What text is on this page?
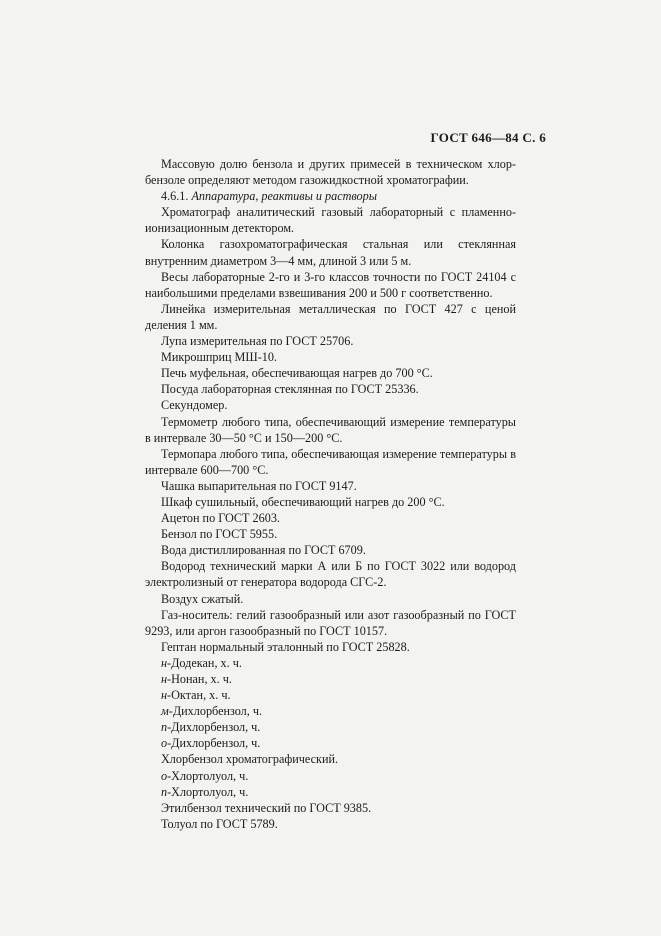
ГОСТ 646—84 С. 6

Массовую долю бензола и других примесей в техническом хлор-бензоле определяют методом газожидкостной хроматографии.

4.6.1. Аппаратура, реактивы и растворы

Хроматограф аналитический газовый лабораторный с пламенно-ионизационным детектором.

Колонка газохроматографическая стальная или стеклянная внутренним диаметром 3—4 мм, длиной 3 или 5 м.

Весы лабораторные 2-го и 3-го классов точности по ГОСТ 24104 с наибольшими пределами взвешивания 200 и 500 г соответственно.

Линейка измерительная металлическая по ГОСТ 427 с ценой деления 1 мм.

Лупа измерительная по ГОСТ 25706.

Микрошприц МШ-10.

Печь муфельная, обеспечивающая нагрев до 700 °С.

Посуда лабораторная стеклянная по ГОСТ 25336.

Секундомер.

Термометр любого типа, обеспечивающий измерение температуры в интервале 30—50 °С и 150—200 °С.

Термопара любого типа, обеспечивающая измерение температуры в интервале 600—700 °С.

Чашка выпарительная по ГОСТ 9147.

Шкаф сушильный, обеспечивающий нагрев до 200 °С.

Ацетон по ГОСТ 2603.

Бензол по ГОСТ 5955.

Вода дистиллированная по ГОСТ 6709.

Водород технический марки А или Б по ГОСТ 3022 или водород электролизный от генератора водорода СГС-2.

Воздух сжатый.

Газ-носитель: гелий газообразный или азот газообразный по ГОСТ 9293, или аргон газообразный по ГОСТ 10157.

Гептан нормальный эталонный по ГОСТ 25828.

н-Додекан, х. ч.

н-Нонан, х. ч.

н-Октан, х. ч.

м-Дихлорбензол, ч.

п-Дихлорбензол, ч.

о-Дихлорбензол, ч.

Хлорбензол хроматографический.

о-Хлортолуол, ч.

п-Хлортолуол, ч.

Этилбензол технический по ГОСТ 9385.

Толуол по ГОСТ 5789.
